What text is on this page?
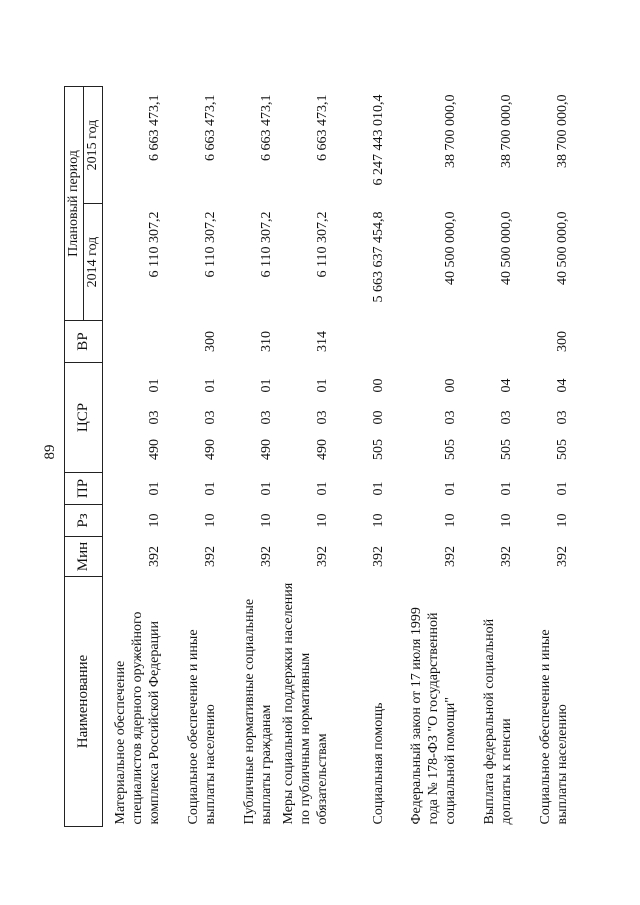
89
Наименование	Мин	Рз	ПР	ЦСР	ВР	Плановый период	
						2014 год	2015 год
Материальное обеспечение специалистов ядерного оружейного комплекса Российской Федерации	392	10	01	4900301		6 110 307,2	6 663 473,1
Социальное обеспечение и иные выплаты населению	392	10	01	4900301	300	6 110 307,2	6 663 473,1
Публичные нормативные социальные выплаты гражданам	392	10	01	4900301	310	6 110 307,2	6 663 473,1
Меры социальной поддержки населения по публичным нормативным обязательствам	392	10	01	4900301	314	6 110 307,2	6 663 473,1
Социальная помощь	392	10	01	5050000		5 663 637 454,8	6 247 443 010,4
Федеральный закон от 17 июля 1999 года № 178-ФЗ "О государственной социальной помощи"	392	10	01	5050300		40 500 000,0	38 700 000,0
Выплата федеральной социальной доплаты к пенсии	392	10	01	5050304		40 500 000,0	38 700 000,0
Социальное обеспечение и иные выплаты населению	392	10	01	5050304	300	40 500 000,0	38 700 000,0
